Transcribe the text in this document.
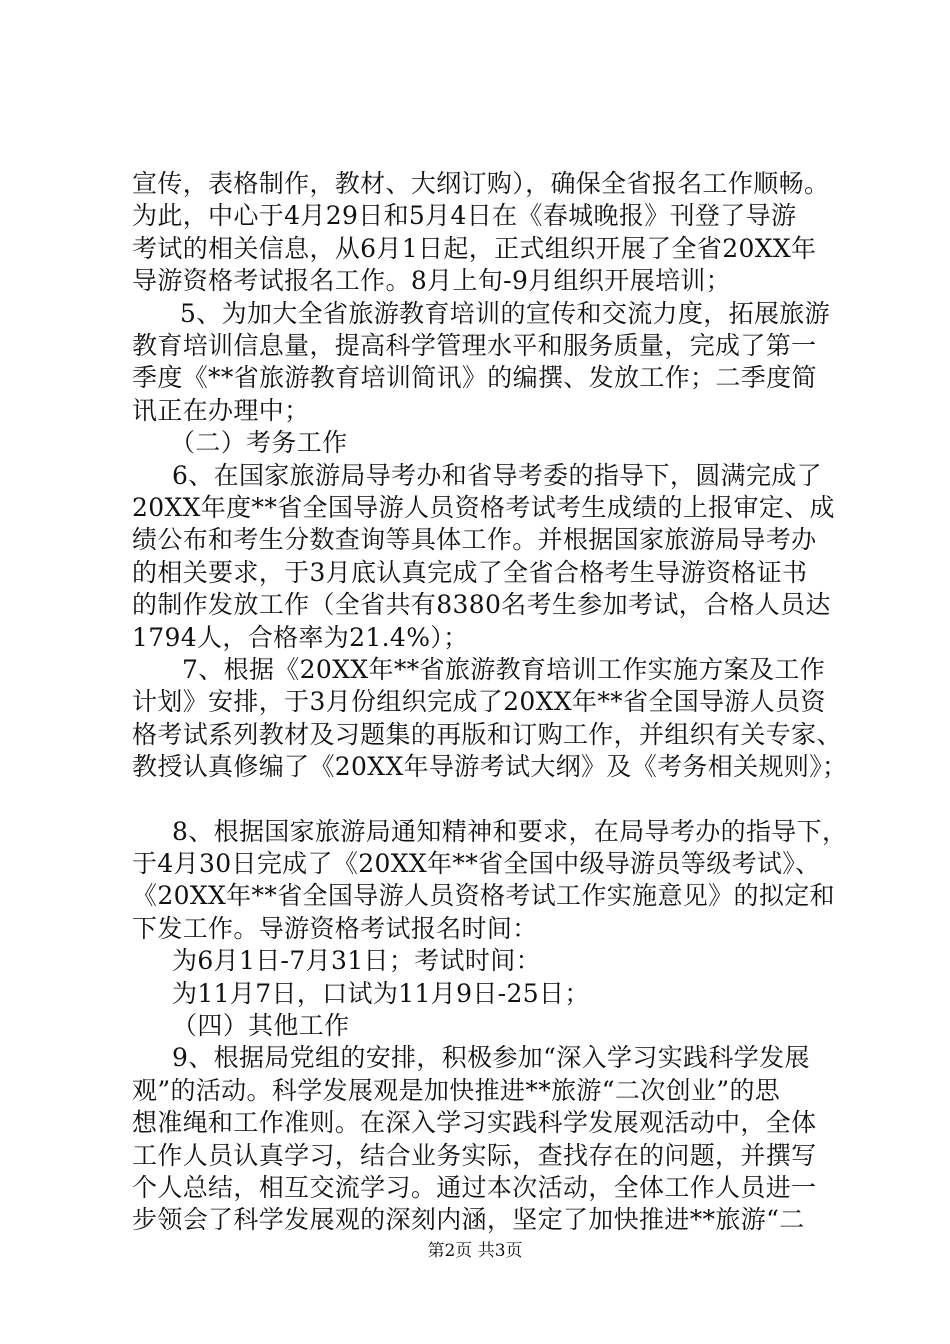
宣传，表格制作，教材、大纲订购），确保全省报名工作顺畅。
为此，中心于4月29日和5月4日在《春城晚报》刊登了导游
考试的相关信息，从6月1日起，正式组织开展了全省20XX年
导游资格考试报名工作。8月上旬-9月组织开展培训；
5、为加大全省旅游教育培训的宣传和交流力度，拓展旅游
教育培训信息量，提高科学管理水平和服务质量，完成了第一
季度《**省旅游教育培训简讯》的编撰、发放工作；二季度简
讯正在办理中；
（二）考务工作
6、在国家旅游局导考办和省导考委的指导下，圆满完成了
20XX年度**省全国导游人员资格考试考生成绩的上报审定、成
绩公布和考生分数查询等具体工作。并根据国家旅游局导考办
的相关要求，于3月底认真完成了全省合格考生导游资格证书
的制作发放工作（全省共有8380名考生参加考试，合格人员达
1794人，合格率为21.4%）；
7、根据《20XX年**省旅游教育培训工作实施方案及工作
计划》安排，于3月份组织完成了20XX年**省全国导游人员资
格考试系列教材及习题集的再版和订购工作，并组织有关专家、
教授认真修编了《20XX年导游考试大纲》及《考务相关规则》；
8、根据国家旅游局通知精神和要求，在局导考办的指导下，
于4月30日完成了《20XX年**省全国中级导游员等级考试》、
《20XX年**省全国导游人员资格考试工作实施意见》的拟定和
下发工作。导游资格考试报名时间：
为6月1日-7月31日；考试时间：
为11月7日，口试为11月9日-25日；
（四）其他工作
9、根据局党组的安排，积极参加“深入学习实践科学发展
观”的活动。科学发展观是加快推进**旅游“二次创业”的思
想准绳和工作准则。在深入学习实践科学发展观活动中，全体
工作人员认真学习，结合业务实际，查找存在的问题，并撰写
个人总结，相互交流学习。通过本次活动，全体工作人员进一
步领会了科学发展观的深刻内涵，坚定了加快推进**旅游“二
第2页 共3页
